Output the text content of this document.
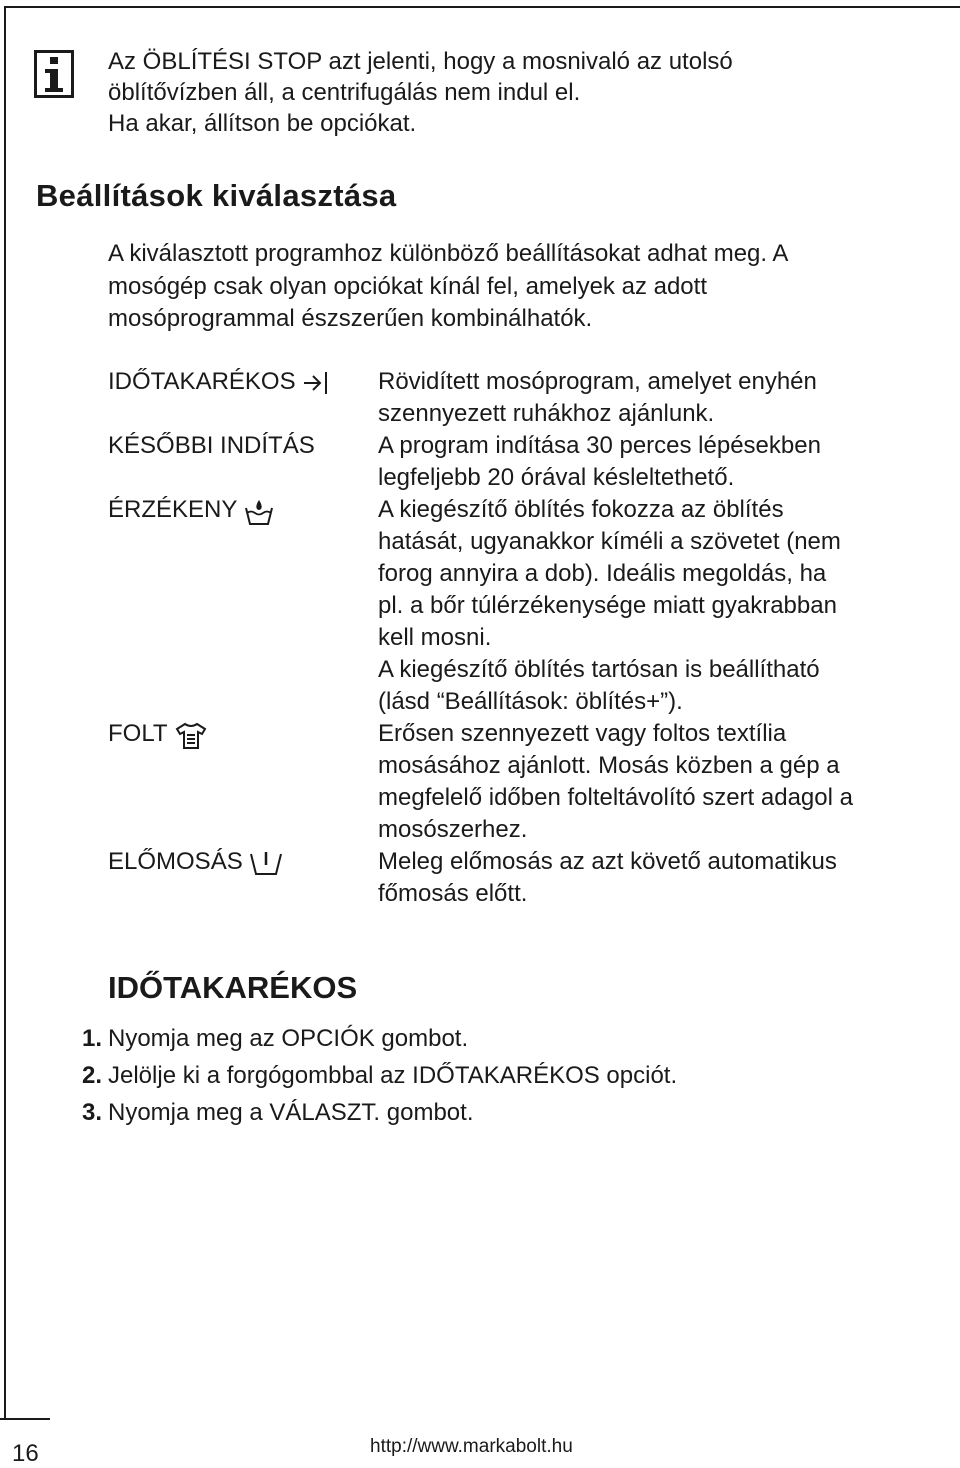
Az ÖBLÍTÉSI STOP azt jelenti, hogy a mosnivaló az utolsó

öblítővízben áll, a centrifugálás nem indul el.

Ha akar, állítson be opciókat.

Beállítások kiválasztása
A kiválasztott programhoz különböző beállításokat adhat meg. A
mosógép csak olyan opciókat kínál fel, amelyek az adott
mosóprogrammal észszerűen kombinálhatók.
IDŐTAKARÉKOS	Rövidített mosóprogram, amelyet enyhén

szennyezett ruhákhoz ajánlunk.

KÉSŐBBI INDÍTÁS	A program indítása 30 perces lépésekben

legfeljebb 20 órával késleltethető.

ÉRZÉKENY	A kiegészítő öblítés fokozza az öblítés

hatását, ugyanakkor kíméli a szövetet (nem

forog annyira a dob). Ideális megoldás, ha

pl. a bőr túlérzékenysége miatt gyakrabban

kell mosni.

A kiegészítő öblítés tartósan is beállítható

(lásd “Beállítások: öblítés+”).

FOLT	Erősen szennyezett vagy foltos textília

mosásához ajánlott. Mosás közben a gép a

megfelelő időben folteltávolító szert adagol a

mosószerhez.

ELŐMOSÁS	Meleg előmosás az azt követő automatikus

főmosás előtt.

IDŐTAKARÉKOS
1. Nyomja meg az OPCIÓK gombot.
2. Jelölje ki a forgógombbal az IDŐTAKARÉKOS opciót.
3. Nyomja meg a VÁLASZT. gombot.
16	http://www.markabolt.hu
